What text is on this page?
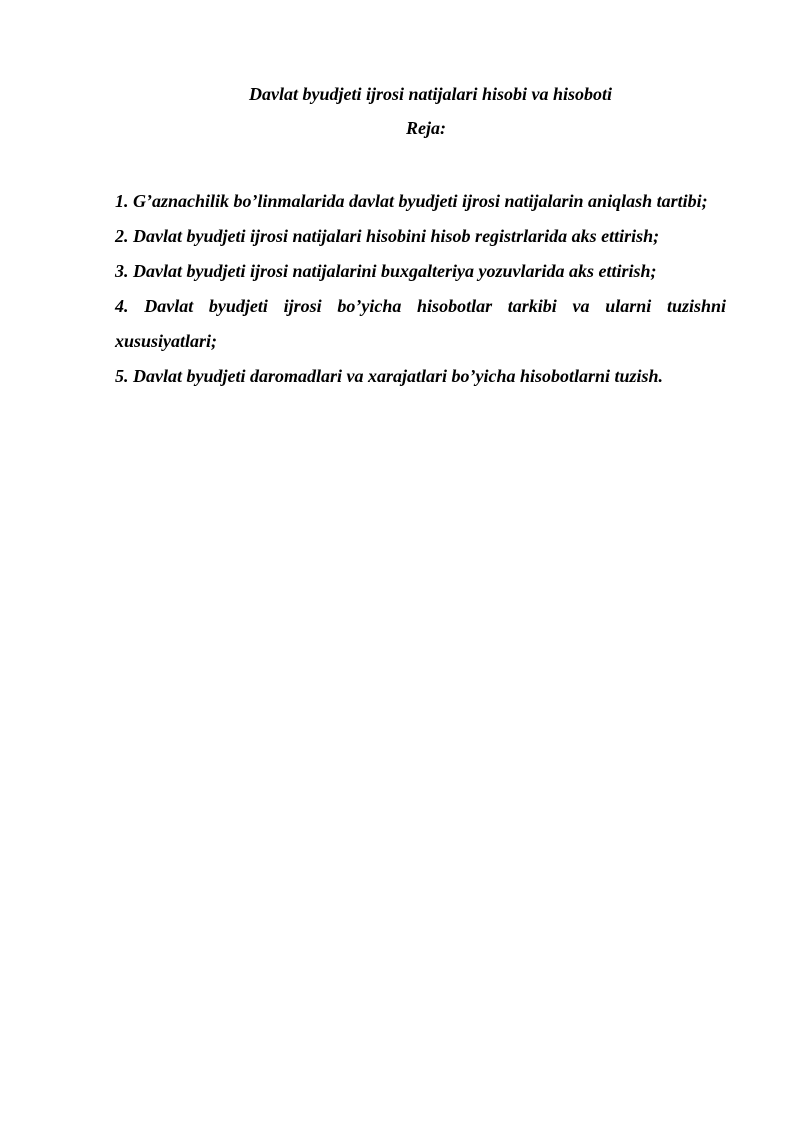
Davlat byudjeti ijrosi natijalari hisobi va hisoboti
Reja:
1. G’aznachilik bo’linmalarida davlat byudjeti ijrosi natijalarin aniqlash tartibi;
2. Davlat byudjeti ijrosi natijalari hisobini hisob registrlarida aks ettirish;
3. Davlat byudjeti ijrosi natijalarini buxgalteriya yozuvlarida aks ettirish;
4. Davlat byudjeti ijrosi bo’yicha hisobotlar tarkibi va ularni tuzishni xususiyatlari;
5. Davlat byudjeti daromadlari va xarajatlari bo’yicha hisobotlarni tuzish.
